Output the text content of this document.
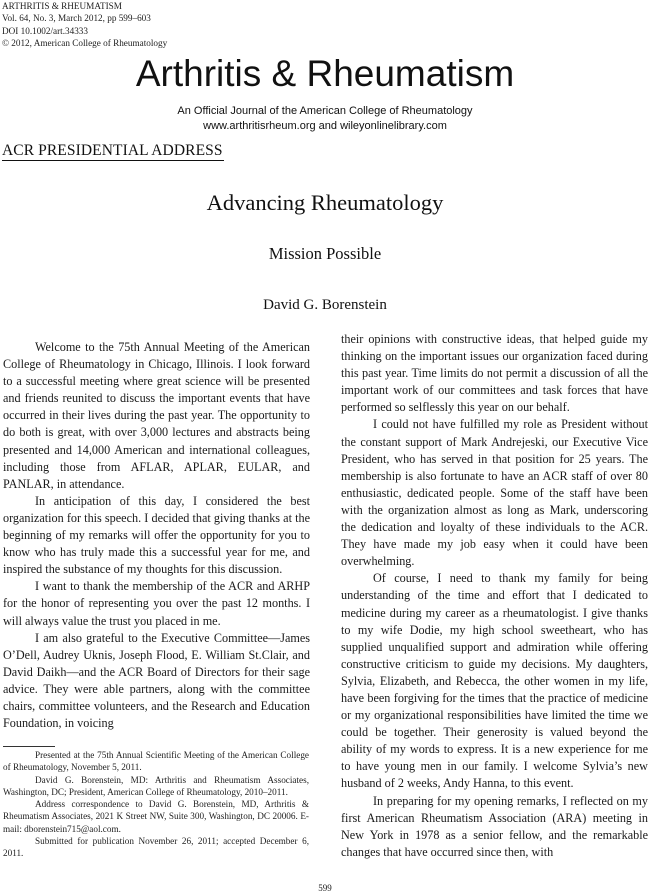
ARTHRITIS & RHEUMATISM
Vol. 64, No. 3, March 2012, pp 599–603
DOI 10.1002/art.34333
© 2012, American College of Rheumatology
Arthritis & Rheumatism
An Official Journal of the American College of Rheumatology
www.arthritisrheum.org and wileyonlinelibrary.com
ACR PRESIDENTIAL ADDRESS
Advancing Rheumatology
Mission Possible
David G. Borenstein

Welcome to the 75th Annual Meeting of the American College of Rheumatology in Chicago, Illinois. I look forward to a successful meeting where great science will be presented and friends reunited to discuss the important events that have occurred in their lives during the past year. The opportunity to do both is great, with over 3,000 lectures and abstracts being presented and 14,000 American and international colleagues, including those from AFLAR, APLAR, EULAR, and PANLAR, in attendance.

In anticipation of this day, I considered the best organization for this speech. I decided that giving thanks at the beginning of my remarks will offer the opportunity for you to know who has truly made this a successful year for me, and inspired the substance of my thoughts for this discussion.

I want to thank the membership of the ACR and ARHP for the honor of representing you over the past 12 months. I will always value the trust you placed in me.

I am also grateful to the Executive Committee—James O’Dell, Audrey Uknis, Joseph Flood, E. William St.Clair, and David Daikh—and the ACR Board of Directors for their sage advice. They were able partners, along with the committee chairs, committee volunteers, and the Research and Education Foundation, in voicing

Presented at the 75th Annual Scientific Meeting of the American College of Rheumatology, November 5, 2011.

David G. Borenstein, MD: Arthritis and Rheumatism Associates, Washington, DC; President, American College of Rheumatology, 2010–2011.

Address correspondence to David G. Borenstein, MD, Arthritis & Rheumatism Associates, 2021 K Street NW, Suite 300, Washington, DC 20006. E-mail: dborenstein715@aol.com.

Submitted for publication November 26, 2011; accepted December 6, 2011.

their opinions with constructive ideas, that helped guide my thinking on the important issues our organization faced during this past year. Time limits do not permit a discussion of all the important work of our committees and task forces that have performed so selflessly this year on our behalf.

I could not have fulfilled my role as President without the constant support of Mark Andrejeski, our Executive Vice President, who has served in that position for 25 years. The membership is also fortunate to have an ACR staff of over 80 enthusiastic, dedicated people. Some of the staff have been with the organization almost as long as Mark, underscoring the dedication and loyalty of these individuals to the ACR. They have made my job easy when it could have been overwhelming.

Of course, I need to thank my family for being understanding of the time and effort that I dedicated to medicine during my career as a rheumatologist. I give thanks to my wife Dodie, my high school sweetheart, who has supplied unqualified support and admiration while offering constructive criticism to guide my decisions. My daughters, Sylvia, Elizabeth, and Rebecca, the other women in my life, have been forgiving for the times that the practice of medicine or my organizational responsibilities have limited the time we could be together. Their generosity is valued beyond the ability of my words to express. It is a new experience for me to have young men in our family. I welcome Sylvia’s new husband of 2 weeks, Andy Hanna, to this event.

In preparing for my opening remarks, I reflected on my first American Rheumatism Association (ARA) meeting in New York in 1978 as a senior fellow, and the remarkable changes that have occurred since then, with

599
